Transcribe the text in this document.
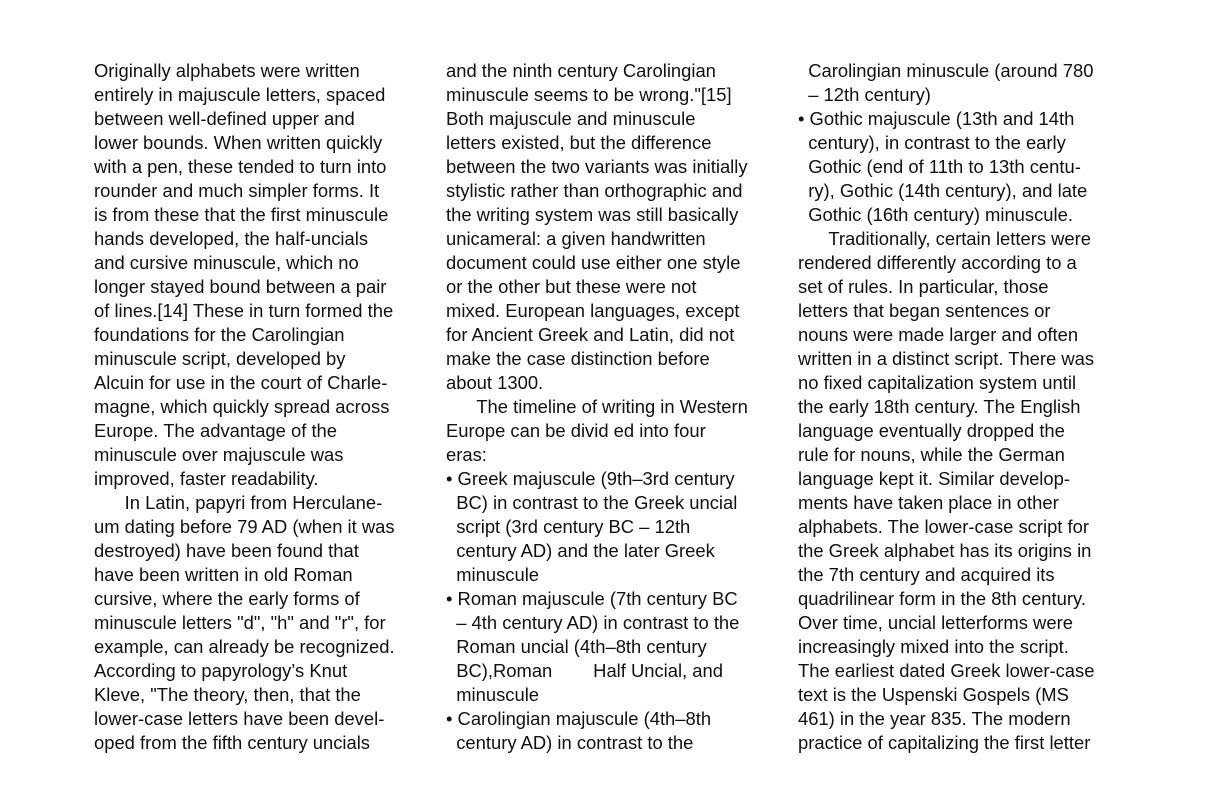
Originally alphabets were written
entirely in majuscule letters, spaced
between well-defined upper and
lower bounds. When written quickly
with a pen, these tended to turn into
rounder and much simpler forms. It
is from these that the first minuscule
hands developed, the half-uncials
and cursive minuscule, which no
longer stayed bound between a pair
of lines.[14] These in turn formed the
foundations for the Carolingian
minuscule script, developed by
Alcuin for use in the court of Charle-
magne, which quickly spread across
Europe. The advantage of the
minuscule over majuscule was
improved, faster readability.
In Latin, papyri from Herculane-
um dating before 79 AD (when it was
destroyed) have been found that
have been written in old Roman
cursive, where the early forms of
minuscule letters "d", "h" and "r", for
example, can already be recognized.
According to papyrology’s Knut
Kleve, "The theory, then, that the
lower-case letters have been devel-
oped from the fifth century uncials
and the ninth century Carolingian
minuscule seems to be wrong."[15]
Both majuscule and minuscule
letters existed, but the difference
between the two variants was initially
stylistic rather than orthographic and
the writing system was still basically
unicameral: a given handwritten
document could use either one style
or the other but these were not
mixed. European languages, except
for Ancient Greek and Latin, did not
make the case distinction before
about 1300.
The timeline of writing in Western
Europe can be divid ed into four
eras:
• Greek majuscule (9th–3rd century
BC) in contrast to the Greek uncial
script (3rd century BC – 12th
century AD) and the later Greek
minuscule
• Roman majuscule (7th century BC
– 4th century AD) in contrast to the
Roman uncial (4th–8th century
BC),Roman        Half Uncial, and
minuscule
• Carolingian majuscule (4th–8th
century AD) in contrast to the
Carolingian minuscule (around 780
– 12th century)
• Gothic majuscule (13th and 14th
century), in contrast to the early
Gothic (end of 11th to 13th centu-
ry), Gothic (14th century), and late
Gothic (16th century) minuscule.
Traditionally, certain letters were
rendered differently according to a
set of rules. In particular, those
letters that began sentences or
nouns were made larger and often
written in a distinct script. There was
no fixed capitalization system until
the early 18th century. The English
language eventually dropped the
rule for nouns, while the German
language kept it. Similar develop-
ments have taken place in other
alphabets. The lower-case script for
the Greek alphabet has its origins in
the 7th century and acquired its
quadrilinear form in the 8th century.
Over time, uncial letterforms were
increasingly mixed into the script.
The earliest dated Greek lower-case
text is the Uspenski Gospels (MS
461) in the year 835. The modern
practice of capitalizing the first letter
